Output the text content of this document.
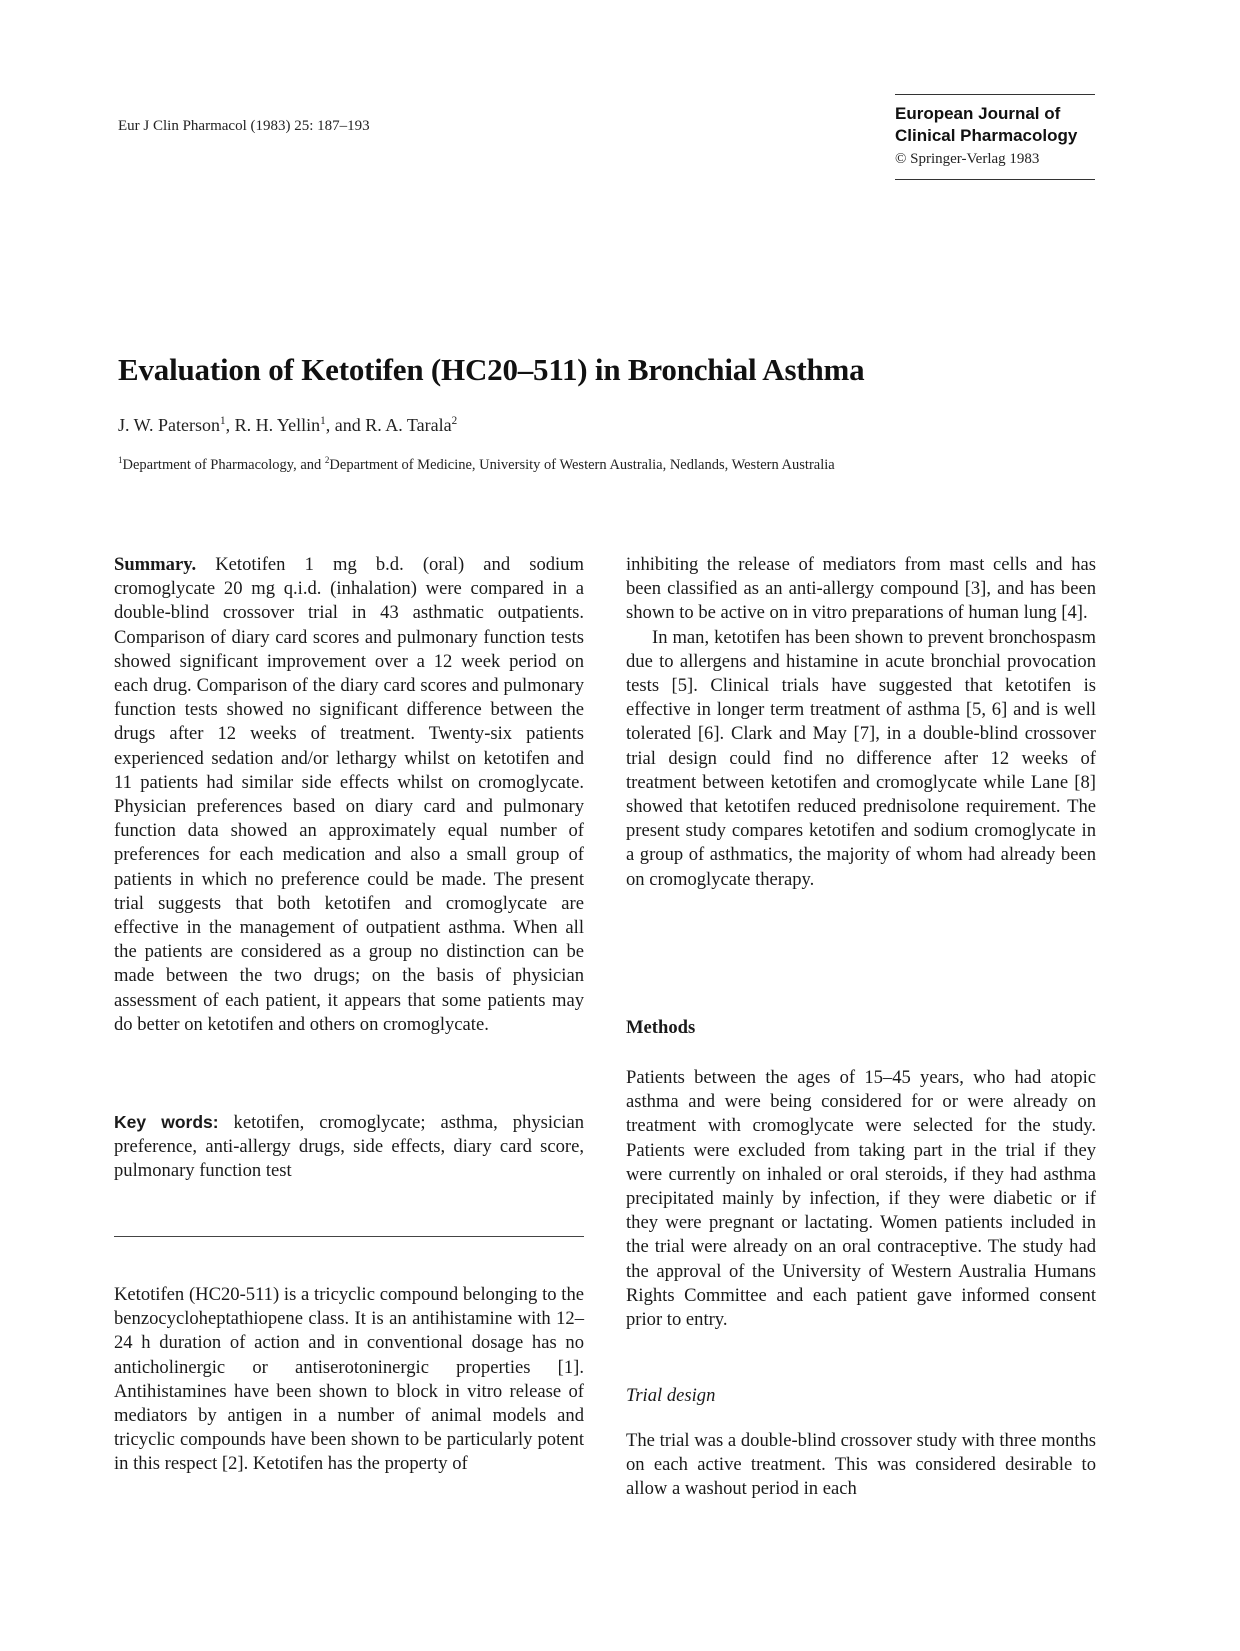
Eur J Clin Pharmacol (1983) 25: 187–193
European Journal of
Clinical Pharmacology
© Springer-Verlag 1983
Evaluation of Ketotifen (HC20–511) in Bronchial Asthma
J. W. Paterson$^1$, R. H. Yellin$^1$, and R. A. Tarala$^2$
$^1$Department of Pharmacology, and $^2$Department of Medicine, University of Western Australia, Nedlands, Western Australia

Summary. Ketotifen 1 mg b.d. (oral) and sodium cromoglycate 20 mg q.i.d. (inhalation) were compared in a double-blind crossover trial in 43 asthmatic outpatients. Comparison of diary card scores and pulmonary function tests showed significant improvement over a 12 week period on each drug. Comparison of the diary card scores and pulmonary function tests showed no significant difference between the drugs after 12 weeks of treatment. Twenty-six patients experienced sedation and/or lethargy whilst on ketotifen and 11 patients had similar side effects whilst on cromoglycate. Physician preferences based on diary card and pulmonary function data showed an approximately equal number of preferences for each medication and also a small group of patients in which no preference could be made. The present trial suggests that both ketotifen and cromoglycate are effective in the management of outpatient asthma. When all the patients are considered as a group no distinction can be made between the two drugs; on the basis of physician assessment of each patient, it appears that some patients may do better on ketotifen and others on cromoglycate.

Key words: ketotifen, cromoglycate; asthma, physician preference, anti-allergy drugs, side effects, diary card score, pulmonary function test

Ketotifen (HC20-511) is a tricyclic compound belonging to the benzocycloheptathiopene class. It is an antihistamine with 12–24 h duration of action and in conventional dosage has no anticholinergic or antiserotoninergic properties [1]. Antihistamines have been shown to block in vitro release of mediators by antigen in a number of animal models and tricyclic compounds have been shown to be particularly potent in this respect [2]. Ketotifen has the property of

inhibiting the release of mediators from mast cells and has been classified as an anti-allergy compound [3], and has been shown to be active on in vitro preparations of human lung [4].

In man, ketotifen has been shown to prevent bronchospasm due to allergens and histamine in acute bronchial provocation tests [5]. Clinical trials have suggested that ketotifen is effective in longer term treatment of asthma [5, 6] and is well tolerated [6]. Clark and May [7], in a double-blind crossover trial design could find no difference after 12 weeks of treatment between ketotifen and cromoglycate while Lane [8] showed that ketotifen reduced prednisolone requirement. The present study compares ketotifen and sodium cromoglycate in a group of asthmatics, the majority of whom had already been on cromoglycate therapy.

Methods

Patients between the ages of 15–45 years, who had atopic asthma and were being considered for or were already on treatment with cromoglycate were selected for the study. Patients were excluded from taking part in the trial if they were currently on inhaled or oral steroids, if they had asthma precipitated mainly by infection, if they were diabetic or if they were pregnant or lactating. Women patients included in the trial were already on an oral contraceptive. The study had the approval of the University of Western Australia Humans Rights Committee and each patient gave informed consent prior to entry.

Trial design

The trial was a double-blind crossover study with three months on each active treatment. This was considered desirable to allow a washout period in each
